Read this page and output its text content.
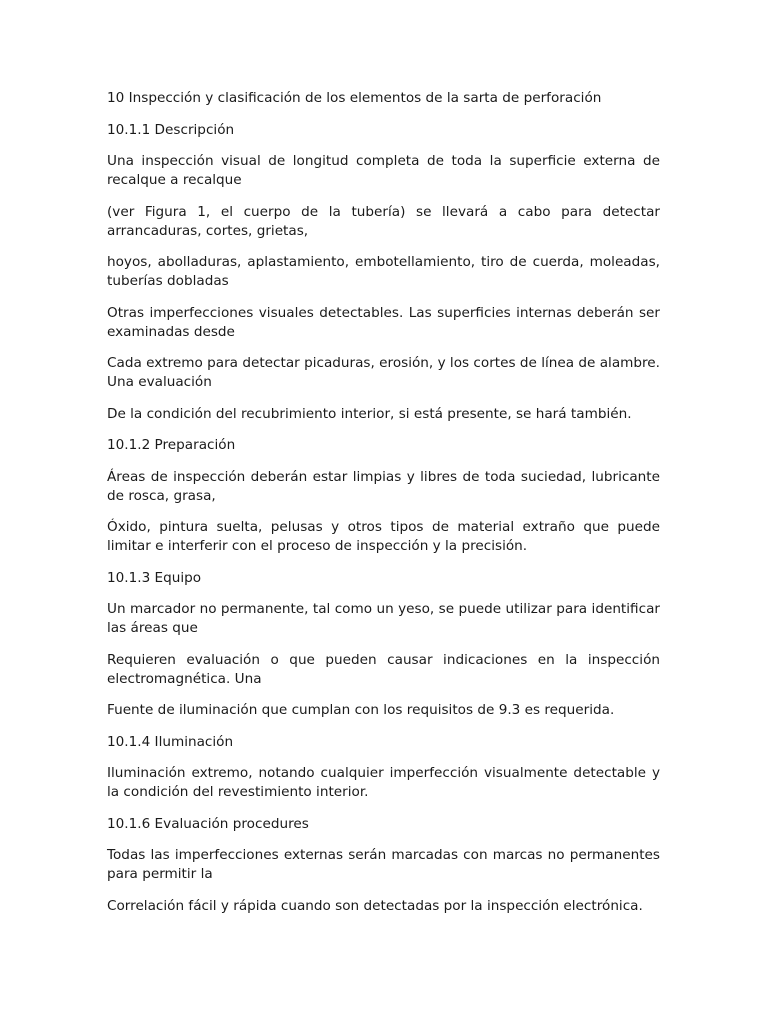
10 Inspección y clasificación de los elementos de la sarta de perforación

10.1.1 Descripción

Una inspección visual de longitud completa de toda la superficie externa de recalque a recalque

(ver Figura 1, el cuerpo de la tubería) se llevará a cabo para detectar arrancaduras, cortes, grietas,

hoyos, abolladuras, aplastamiento, embotellamiento, tiro de cuerda, moleadas, tuberías dobladas

Otras imperfecciones visuales detectables. Las superficies internas deberán ser examinadas desde

Cada extremo para detectar picaduras, erosión, y los cortes de línea de alambre. Una evaluación

De la condición del recubrimiento interior, si está presente, se hará también.

10.1.2 Preparación

Áreas de inspección deberán estar limpias y libres de toda suciedad, lubricante de rosca, grasa,

Óxido, pintura suelta, pelusas y otros tipos de material extraño que puede limitar e interferir con el proceso de inspección y la precisión.

10.1.3 Equipo

Un marcador no permanente, tal como un yeso, se puede utilizar para identificar las áreas que

Requieren evaluación o que pueden causar indicaciones en la inspección electromagnética. Una

Fuente de iluminación que cumplan con los requisitos de 9.3 es requerida.

10.1.4 Iluminación

Iluminación extremo, notando cualquier imperfección visualmente detectable y la condición del revestimiento interior.

10.1.6 Evaluación procedures

Todas las imperfecciones externas serán marcadas con marcas no permanentes para permitir la

Correlación fácil y rápida cuando son detectadas por la inspección electrónica.
